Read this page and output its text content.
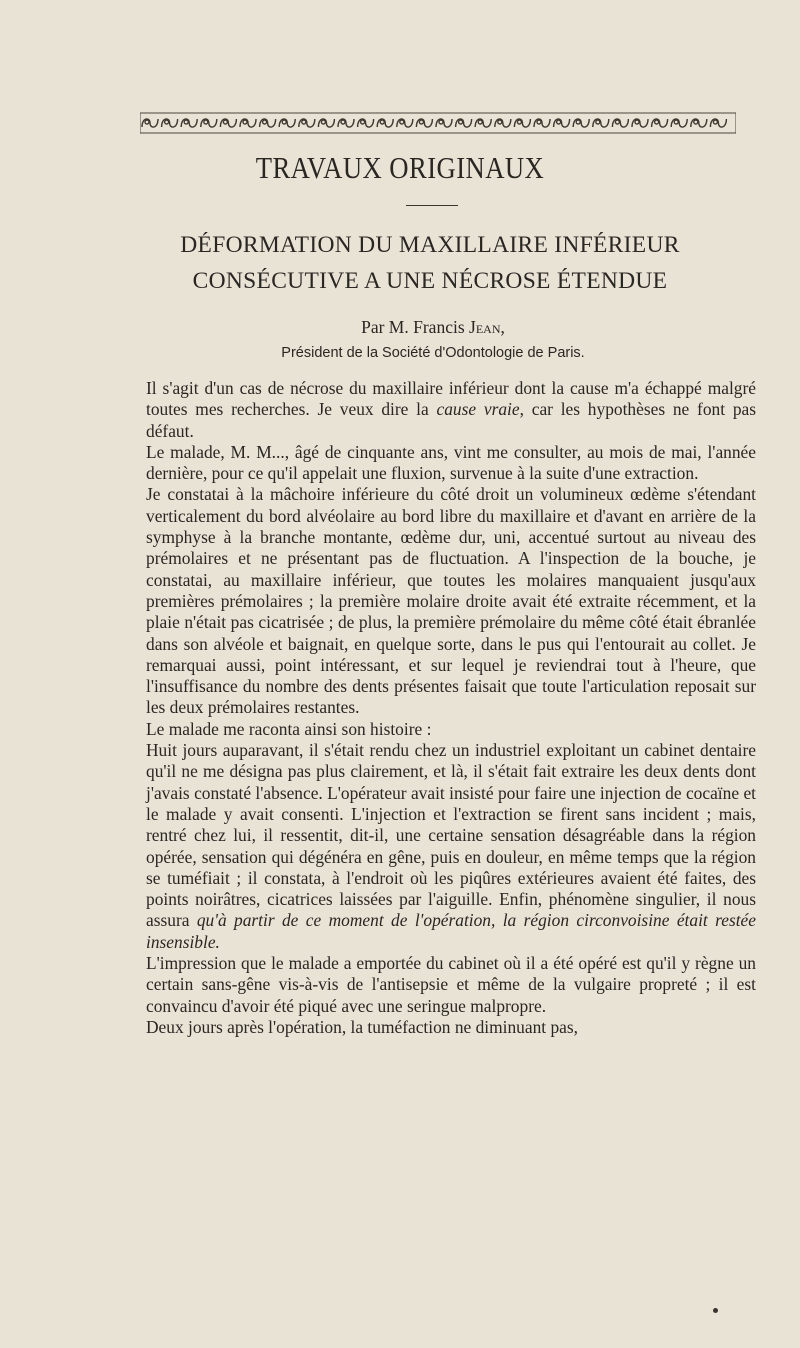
TRAVAUX ORIGINAUX
DÉFORMATION DU MAXILLAIRE INFÉRIEUR
CONSÉCUTIVE A UNE NÉCROSE ÉTENDUE
Par M. Francis Jean,
Président de la Société d'Odontologie de Paris.

Il s'agit d'un cas de nécrose du maxillaire inférieur dont la cause m'a échappé malgré toutes mes recherches. Je veux dire la cause vraie, car les hypothèses ne font pas défaut.

Le malade, M. M..., âgé de cinquante ans, vint me consulter, au mois de mai, l'année dernière, pour ce qu'il appelait une fluxion, survenue à la suite d'une extraction.

Je constatai à la mâchoire inférieure du côté droit un volumineux œdème s'étendant verticalement du bord alvéolaire au bord libre du maxillaire et d'avant en arrière de la symphyse à la branche montante, œdème dur, uni, accentué surtout au niveau des prémolaires et ne présentant pas de fluctuation. A l'inspection de la bouche, je constatai, au maxillaire inférieur, que toutes les molaires manquaient jusqu'aux premières prémolaires ; la première molaire droite avait été extraite récemment, et la plaie n'était pas cicatrisée ; de plus, la première prémolaire du même côté était ébranlée dans son alvéole et baignait, en quelque sorte, dans le pus qui l'entourait au collet. Je remarquai aussi, point intéressant, et sur lequel je reviendrai tout à l'heure, que l'insuffisance du nombre des dents présentes faisait que toute l'articulation reposait sur les deux prémolaires restantes.

Le malade me raconta ainsi son histoire :

Huit jours auparavant, il s'était rendu chez un industriel exploitant un cabinet dentaire qu'il ne me désigna pas plus clairement, et là, il s'était fait extraire les deux dents dont j'avais constaté l'absence. L'opérateur avait insisté pour faire une injection de cocaïne et le malade y avait consenti. L'injection et l'extraction se firent sans incident ; mais, rentré chez lui, il ressentit, dit-il, une certaine sensation désagréable dans la région opérée, sensation qui dégénéra en gêne, puis en douleur, en même temps que la région se tuméfiait ; il constata, à l'endroit où les piqûres extérieures avaient été faites, des points noirâtres, cicatrices laissées par l'aiguille. Enfin, phénomène singulier, il nous assura qu'à partir de ce moment de l'opération, la région circonvoisine était restée insensible.

L'impression que le malade a emportée du cabinet où il a été opéré est qu'il y règne un certain sans-gêne vis-à-vis de l'antisepsie et même de la vulgaire propreté ; il est convaincu d'avoir été piqué avec une seringue malpropre.

Deux jours après l'opération, la tuméfaction ne diminuant pas,
